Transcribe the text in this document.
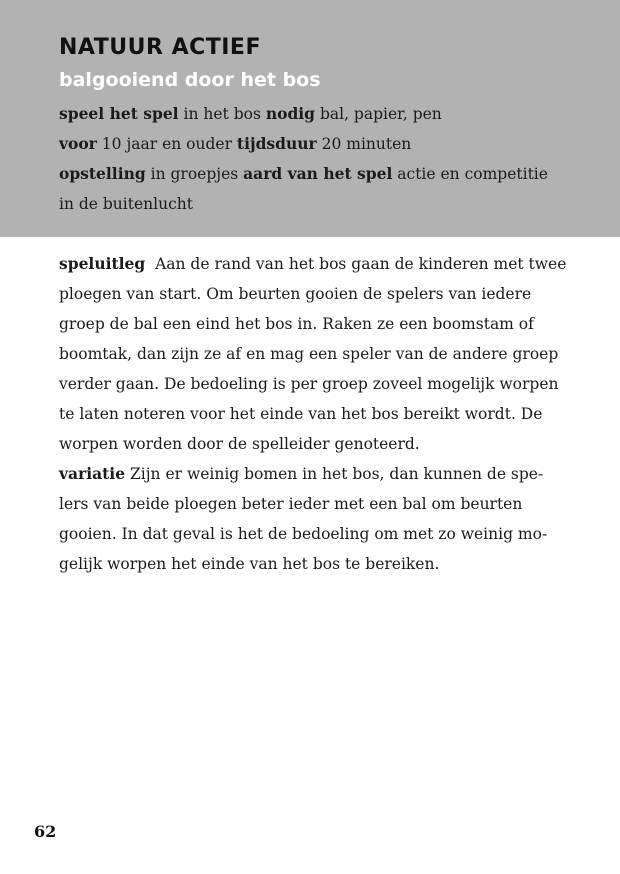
NATUUR ACTIEF
balgooiend door het bos
speel het spel in het bos nodig bal, papier, pen
voor 10 jaar en ouder tijdsduur 20 minuten
opstelling in groepjes aard van het spel actie en competitie
in de buitenlucht
speluitleg Aan de rand van het bos gaan de kinderen met twee
ploegen van start. Om beurten gooien de spelers van iedere
groep de bal een eind het bos in. Raken ze een boomstam of
boomtak, dan zijn ze af en mag een speler van de andere groep
verder gaan. De bedoeling is per groep zoveel mogelijk worpen
te laten noteren voor het einde van het bos bereikt wordt. De
worpen worden door de spelleider genoteerd.
variatie Zijn er weinig bomen in het bos, dan kunnen de spe-
lers van beide ploegen beter ieder met een bal om beurten
gooien. In dat geval is het de bedoeling om met zo weinig mo-
gelijk worpen het einde van het bos te bereiken.
62
